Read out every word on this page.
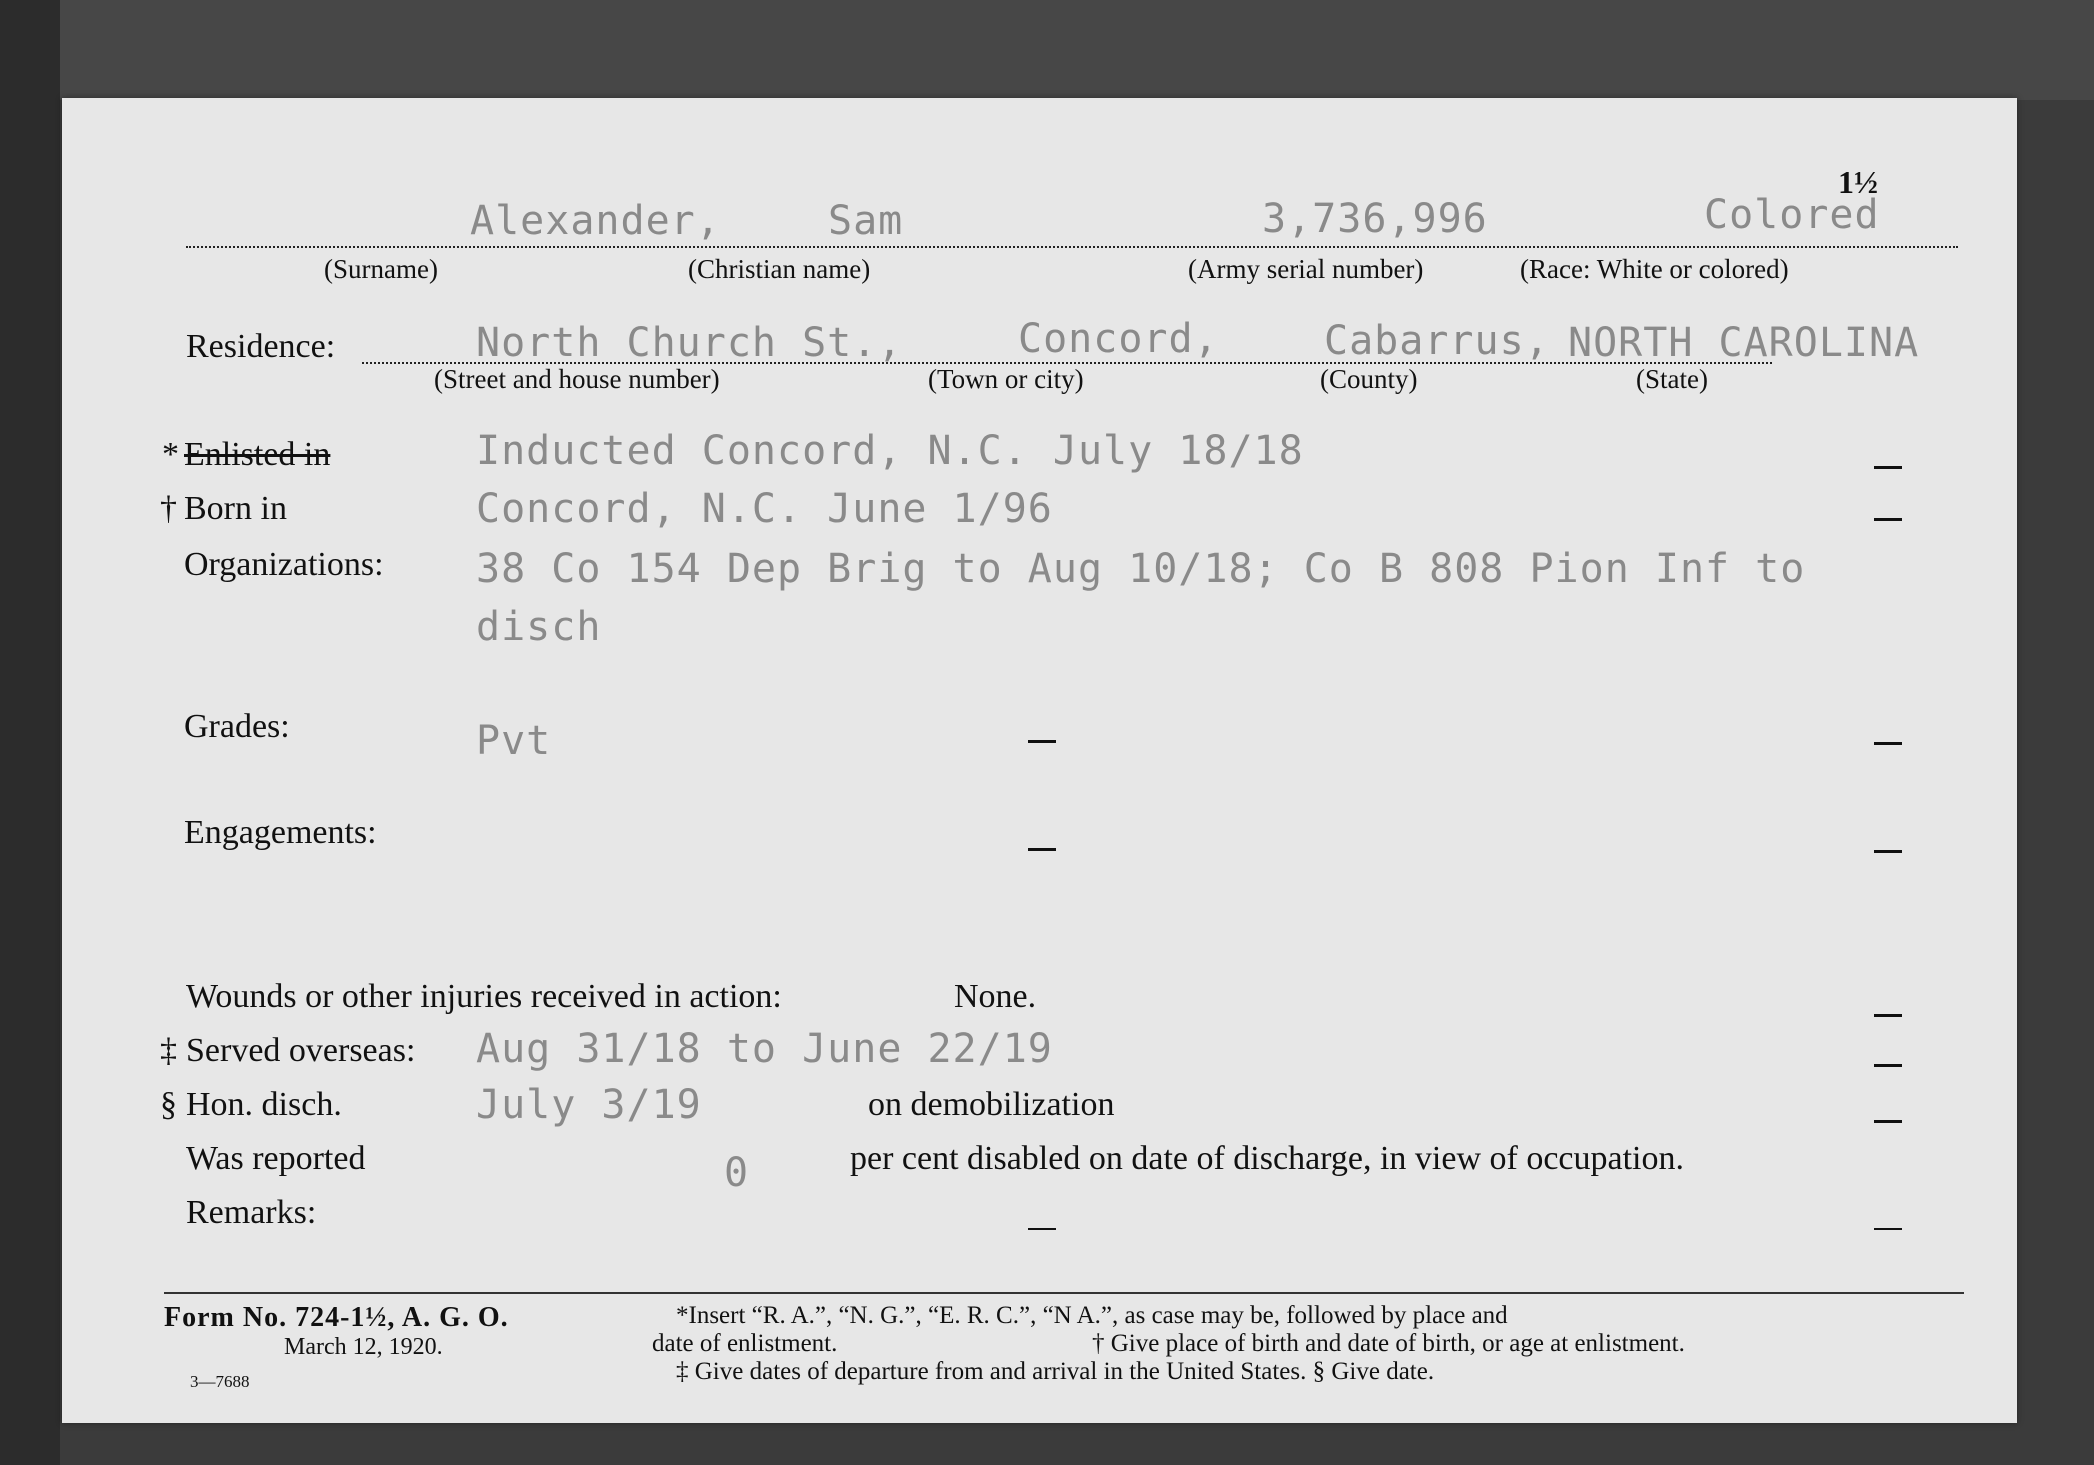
1½
Alexander,	Sam	3,736,996	Colored
(Surname)	(Christian name)	(Army serial number)	(Race: White or colored)
Residence:	North Church St.,	Concord,	Cabarrus, NORTH CAROLINA
(Street and house number)	(Town or city)	(County)	(State)
* Enlisted in	Inducted Concord, N.C. July 18/18
† Born in	Concord, N.C. June 1/96
Organizations: 38 Co 154 Dep Brig to Aug 10/18; Co B 808 Pion Inf to
disch
Grades:	Pvt
Engagements:
Wounds or other injuries received in action:	None.
‡ Served overseas: Aug 31/18 to June 22/19
§ Hon. disch.	July 3/19	on demobilization
Was reported	0	per cent disabled on date of discharge, in view of occupation.
Remarks:
Form No. 724-1½, A. G. O.
March 12, 1920.
3—7688
*Insert “R. A.”, “N. G.”, “E. R. C.”, “N A.”, as case may be, followed by place and
date of enlistment.	† Give place of birth and date of birth, or age at enlistment.
‡ Give dates of departure from and arrival in the United States. § Give date.
